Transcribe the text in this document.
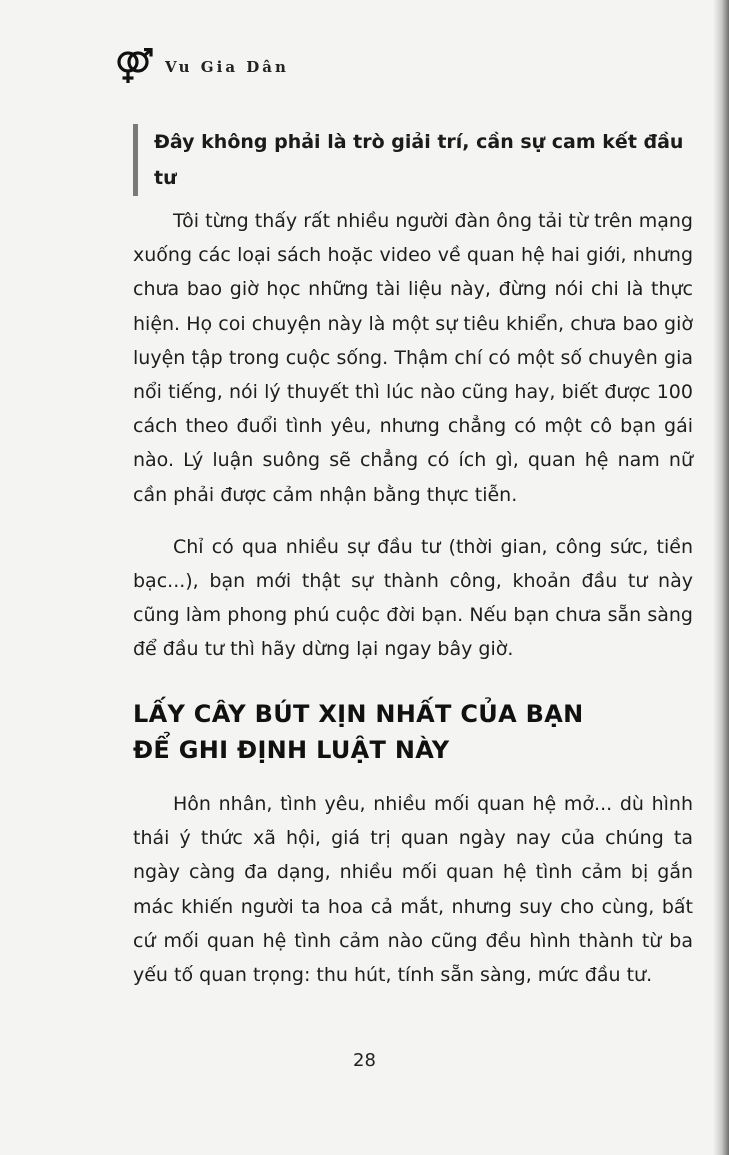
Vu Gia Dân
Đây không phải là trò giải trí, cần sự cam kết đầu tư

Tôi từng thấy rất nhiều người đàn ông tải từ trên mạng xuống các loại sách hoặc video về quan hệ hai giới, nhưng chưa bao giờ học những tài liệu này, đừng nói chi là thực hiện. Họ coi chuyện này là một sự tiêu khiển, chưa bao giờ luyện tập trong cuộc sống. Thậm chí có một số chuyên gia nổi tiếng, nói lý thuyết thì lúc nào cũng hay, biết được 100 cách theo đuổi tình yêu, nhưng chẳng có một cô bạn gái nào. Lý luận suông sẽ chẳng có ích gì, quan hệ nam nữ cần phải được cảm nhận bằng thực tiễn.

Chỉ có qua nhiều sự đầu tư (thời gian, công sức, tiền bạc...), bạn mới thật sự thành công, khoản đầu tư này cũng làm phong phú cuộc đời bạn. Nếu bạn chưa sẵn sàng để đầu tư thì hãy dừng lại ngay bây giờ.

LẤY CÂY BÚT XỊN NHẤT CỦA BẠN
ĐỂ GHI ĐỊNH LUẬT NÀY

Hôn nhân, tình yêu, nhiều mối quan hệ mở... dù hình thái ý thức xã hội, giá trị quan ngày nay của chúng ta ngày càng đa dạng, nhiều mối quan hệ tình cảm bị gắn mác khiến người ta hoa cả mắt, nhưng suy cho cùng, bất cứ mối quan hệ tình cảm nào cũng đều hình thành từ ba yếu tố quan trọng: thu hút, tính sẵn sàng, mức đầu tư.

28
